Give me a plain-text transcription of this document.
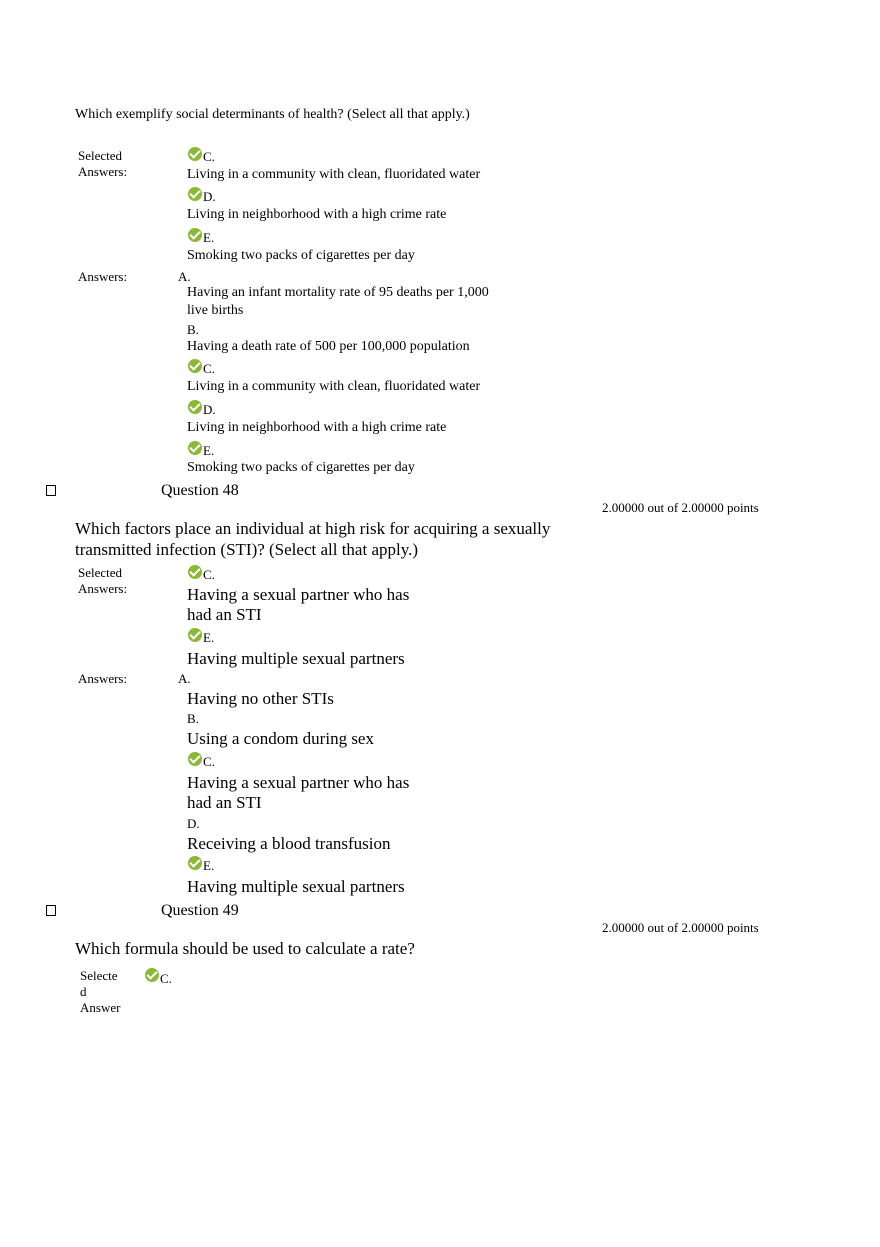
Which exemplify social determinants of health? (Select all that apply.)
Selected
Answers:
C.
Living in a community with clean, fluoridated water
D.
Living in neighborhood with a high crime rate
E.
Smoking two packs of cigarettes per day
Answers:	A.
Having an infant mortality rate of 95 deaths per 1,000
live births
B.
Having a death rate of 500 per 100,000 population
C.
Living in a community with clean, fluoridated water
D.
Living in neighborhood with a high crime rate
E.
Smoking two packs of cigarettes per day
Question 48
2.00000 out of 2.00000 points
Which factors place an individual at high risk for acquiring a sexually
transmitted infection (STI)? (Select all that apply.)
Selected
Answers:
C.
Having a sexual partner who has
had an STI
E.
Having multiple sexual partners
Answers:	A.
Having no other STIs
B.
Using a condom during sex
C.
Having a sexual partner who has
had an STI
D.
Receiving a blood transfusion
E.
Having multiple sexual partners
Question 49
2.00000 out of 2.00000 points
Which formula should be used to calculate a rate?
Selecte
d
Answer
C.
